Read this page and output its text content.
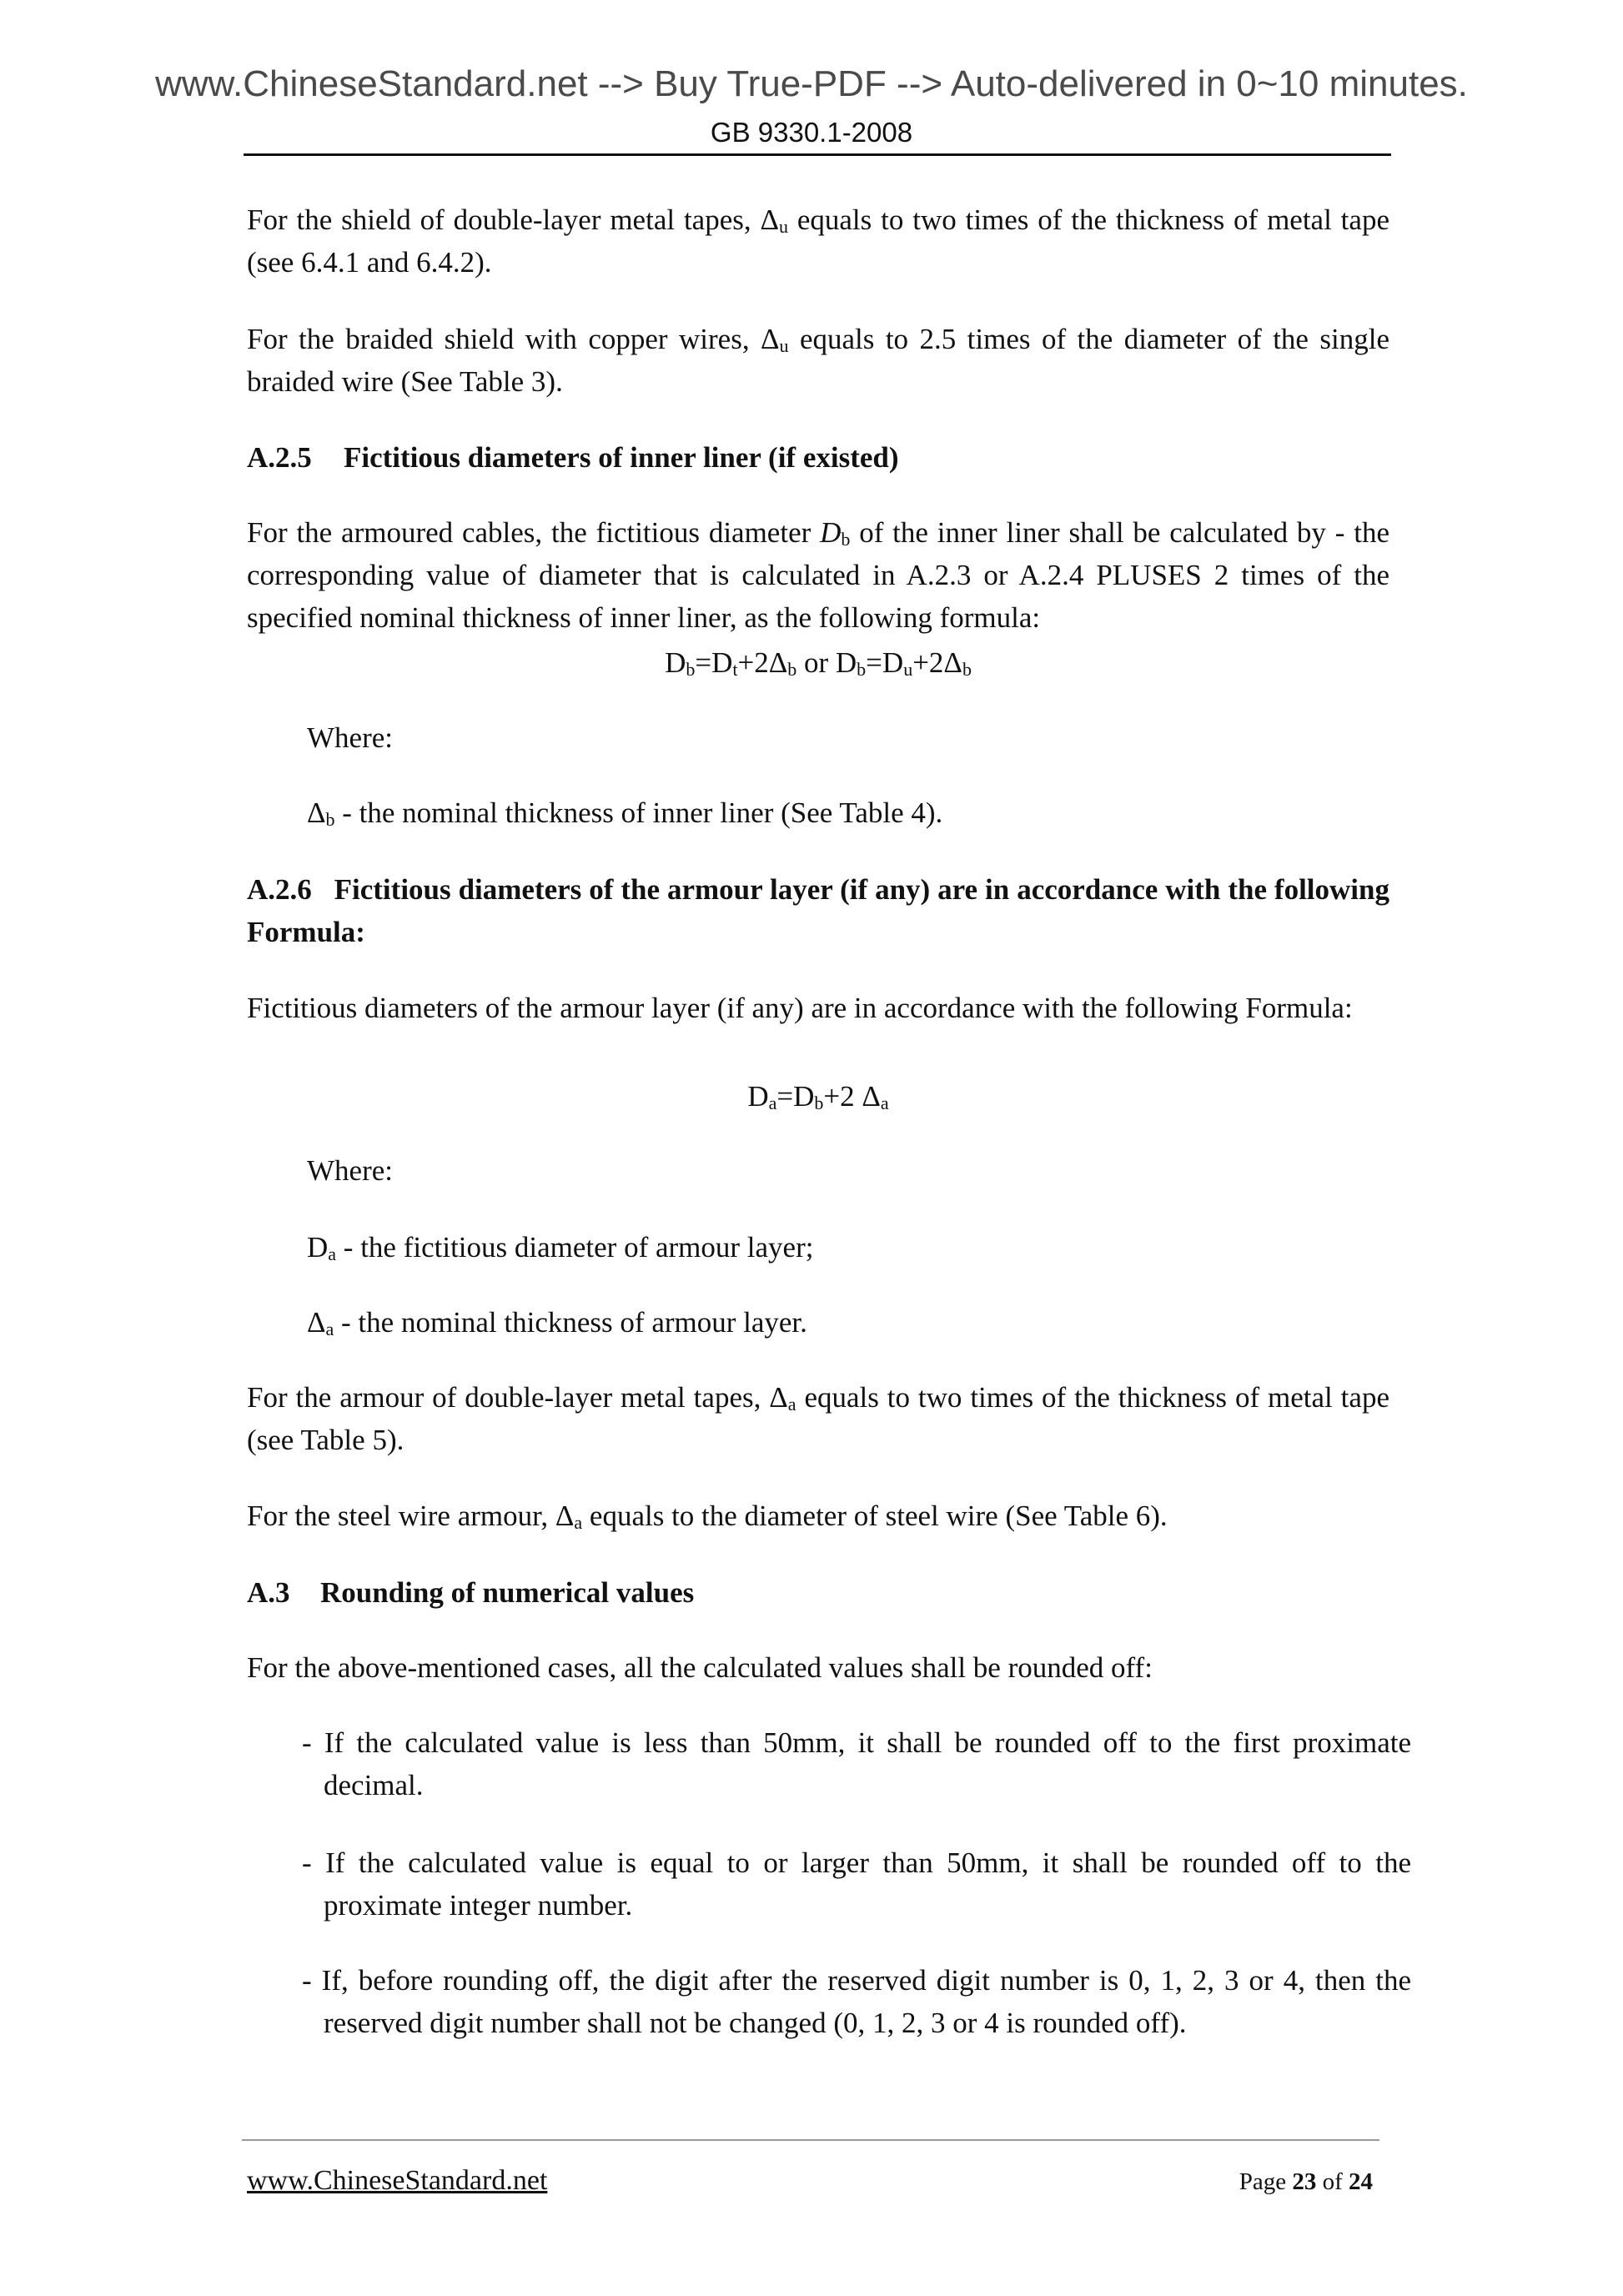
www.ChineseStandard.net --> Buy True-PDF --> Auto-delivered in 0~10 minutes.
GB 9330.1-2008
For the shield of double-layer metal tapes, $\Delta_u$ equals to two times of the thickness of metal tape (see 6.4.1 and 6.4.2).
For the braided shield with copper wires, $\Delta_u$ equals to 2.5 times of the diameter of the single braided wire (See Table 3).
A.2.5 Fictitious diameters of inner liner (if existed)
For the armoured cables, the fictitious diameter $D_b$ of the inner liner shall be calculated by - the corresponding value of diameter that is calculated in A.2.3 or A.2.4 PLUSES 2 times of the specified nominal thickness of inner liner, as the following formula:
$D_b=D_t+2\Delta_b$ or $D_b=D_u+2\Delta_b$
Where:
$\Delta_b$ - the nominal thickness of inner liner (See Table 4).
A.2.6 Fictitious diameters of the armour layer (if any) are in accordance with the following Formula:
Fictitious diameters of the armour layer (if any) are in accordance with the following Formula:
$D_a=D_b+2$ $\Delta_a$
Where:
$D_a$ - the fictitious diameter of armour layer;
$\Delta_a$ - the nominal thickness of armour layer.
For the armour of double-layer metal tapes, $\Delta_a$ equals to two times of the thickness of metal tape (see Table 5).
For the steel wire armour, $\Delta_a$ equals to the diameter of steel wire (See Table 6).
A.3 Rounding of numerical values
For the above-mentioned cases, all the calculated values shall be rounded off:
- If the calculated value is less than 50mm, it shall be rounded off to the first proximate decimal.
- If the calculated value is equal to or larger than 50mm, it shall be rounded off to the proximate integer number.
- If, before rounding off, the digit after the reserved digit number is 0, 1, 2, 3 or 4, then the reserved digit number shall not be changed (0, 1, 2, 3 or 4 is rounded off).
www.ChineseStandard.net	Page 23 of 24
